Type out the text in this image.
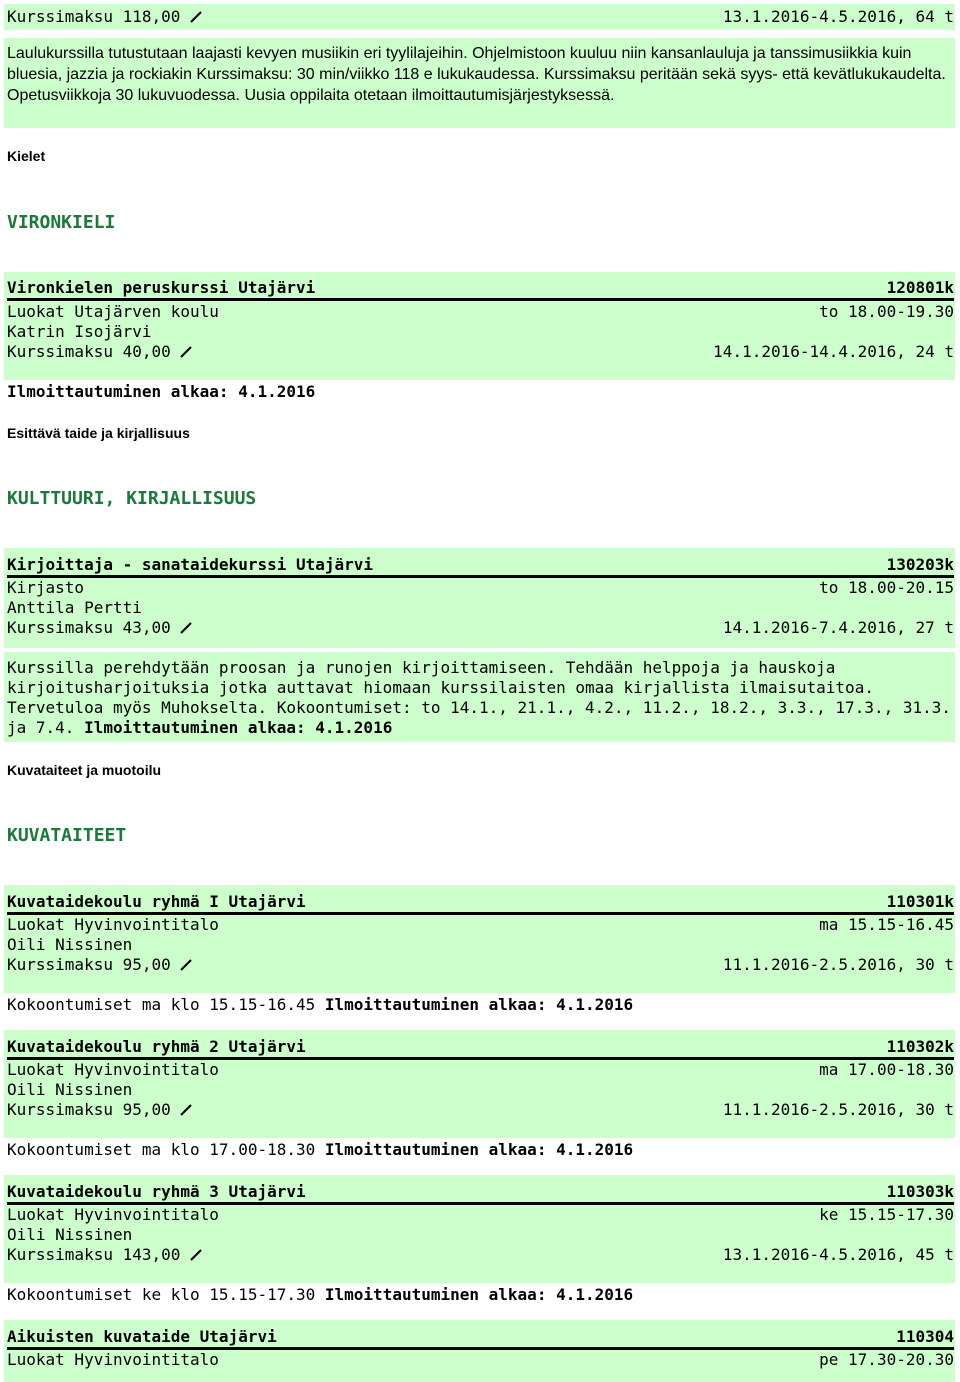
Kurssimaksu 118,00	13.1.2016-4.5.2016, 64 t
Laulukurssilla tutustutaan laajasti kevyen musiikin eri tyylilajeihin. Ohjelmistoon kuuluu niin kansanlauluja ja tanssimusiikkia kuin bluesia, jazzia ja rockiakin Kurssimaksu: 30 min/viikko 118 e lukukaudessa. Kurssimaksu peritään sekä syys- että kevätlukukaudelta. Opetusviikkoja 30 lukuvuodessa. Uusia oppilaita otetaan ilmoittautumisjärjestyksessä.
Kielet
VIRONKIELI
Vironkielen peruskurssi Utajärvi	120801k
Luokat Utajärven koulu	to 18.00-19.30
Katrin Isojärvi
Kurssimaksu 40,00	14.1.2016-14.4.2016, 24 t
Ilmoittautuminen alkaa: 4.1.2016
Esittävä taide ja kirjallisuus
KULTTUURI, KIRJALLISUUS
Kirjoittaja - sanataidekurssi Utajärvi	130203k
Kirjasto	to 18.00-20.15
Anttila Pertti
Kurssimaksu 43,00	14.1.2016-7.4.2016, 27 t
Kurssilla perehdytään proosan ja runojen kirjoittamiseen. Tehdään helppoja ja hauskoja kirjoitusharjoituksia jotka auttavat hiomaan kurssilaisten omaa kirjallista ilmaisutaitoa. Tervetuloa myös Muhokselta. Kokoontumiset: to 14.1., 21.1., 4.2., 11.2., 18.2., 3.3., 17.3., 31.3. ja 7.4. Ilmoittautuminen alkaa: 4.1.2016
Kuvataiteet ja muotoilu
KUVATAITEET
Kuvataidekoulu ryhmä I Utajärvi	110301k
Luokat Hyvinvointitalo	ma 15.15-16.45
Oili Nissinen
Kurssimaksu 95,00	11.1.2016-2.5.2016, 30 t
Kokoontumiset ma klo 15.15-16.45 Ilmoittautuminen alkaa: 4.1.2016
Kuvataidekoulu ryhmä 2 Utajärvi	110302k
Luokat Hyvinvointitalo	ma 17.00-18.30
Oili Nissinen
Kurssimaksu 95,00	11.1.2016-2.5.2016, 30 t
Kokoontumiset ma klo 17.00-18.30 Ilmoittautuminen alkaa: 4.1.2016
Kuvataidekoulu ryhmä 3 Utajärvi	110303k
Luokat Hyvinvointitalo	ke 15.15-17.30
Oili Nissinen
Kurssimaksu 143,00	13.1.2016-4.5.2016, 45 t
Kokoontumiset ke klo 15.15-17.30 Ilmoittautuminen alkaa: 4.1.2016
Aikuisten kuvataide Utajärvi	110304
Luokat Hyvinvointitalo	pe 17.30-20.30
